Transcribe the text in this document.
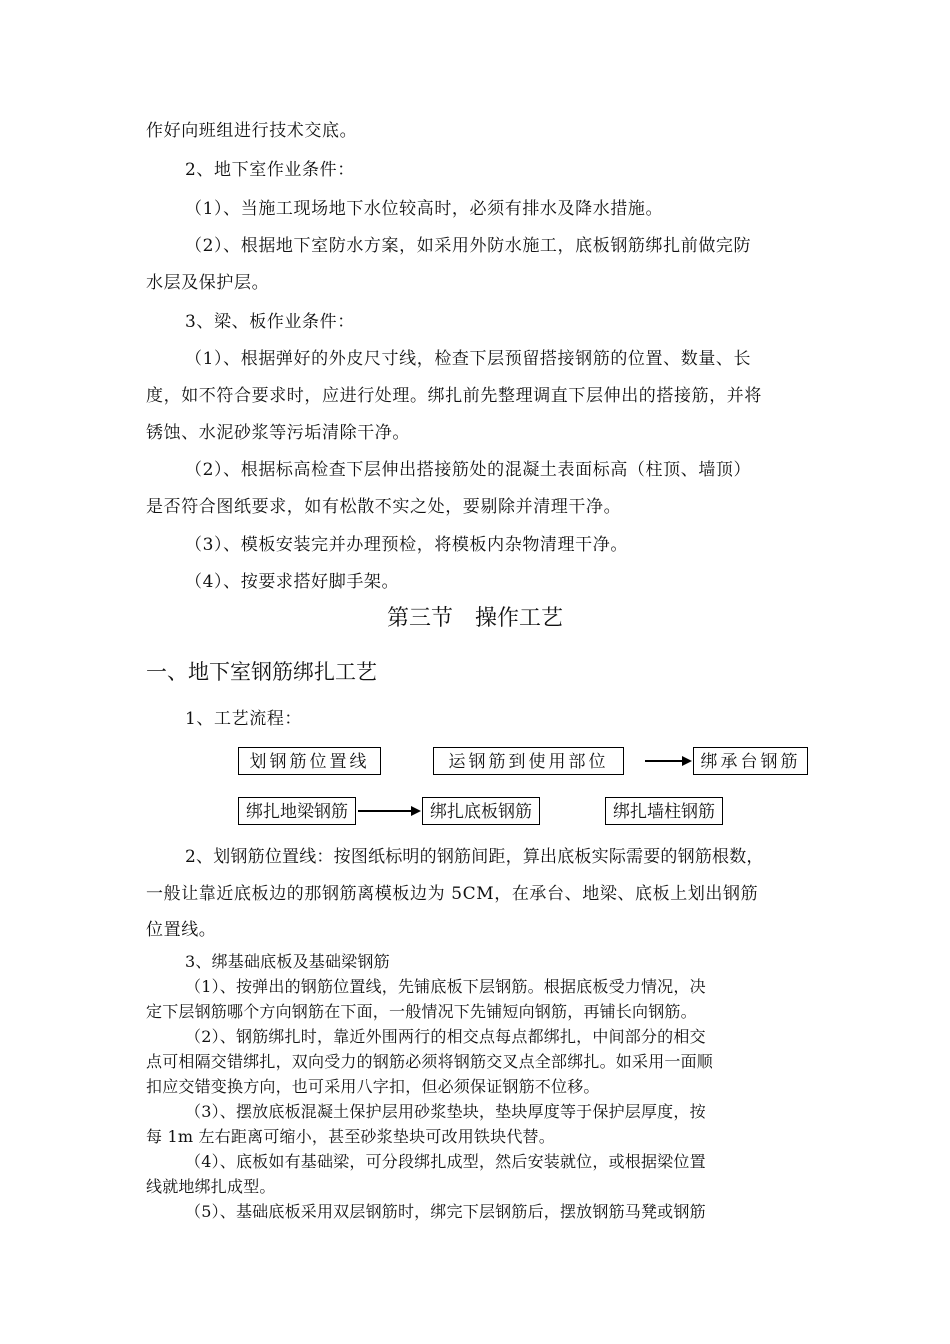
作好向班组进行技术交底。
2、地下室作业条件：
（1）、当施工现场地下水位较高时，必须有排水及降水措施。
（2）、根据地下室防水方案，如采用外防水施工，底板钢筋绑扎前做完防
水层及保护层。
3、梁、板作业条件：
（1）、根据弹好的外皮尺寸线，检查下层预留搭接钢筋的位置、数量、长
度，如不符合要求时，应进行处理。绑扎前先整理调直下层伸出的搭接筋，并将
锈蚀、水泥砂浆等污垢清除干净。
（2）、根据标高检查下层伸出搭接筋处的混凝土表面标高（柱顶、墙顶）
是否符合图纸要求，如有松散不实之处，要剔除并清理干净。
（3）、模板安装完并办理预检，将模板内杂物清理干净。
（4）、按要求搭好脚手架。
第三节　操作工艺
一、地下室钢筋绑扎工艺
1、工艺流程：
划钢筋位置线	运钢筋到使用部位	绑承台钢筋
绑扎地梁钢筋	绑扎底板钢筋	绑扎墙柱钢筋
2、划钢筋位置线：按图纸标明的钢筋间距，算出底板实际需要的钢筋根数，
一般让靠近底板边的那钢筋离模板边为 5CM，在承台、地梁、底板上划出钢筋
位置线。
3、绑基础底板及基础梁钢筋
（1）、按弹出的钢筋位置线，先铺底板下层钢筋。根据底板受力情况，决
定下层钢筋哪个方向钢筋在下面，一般情况下先铺短向钢筋，再铺长向钢筋。
（2）、钢筋绑扎时，靠近外围两行的相交点每点都绑扎，中间部分的相交
点可相隔交错绑扎，双向受力的钢筋必须将钢筋交叉点全部绑扎。如采用一面顺
扣应交错变换方向，也可采用八字扣，但必须保证钢筋不位移。
（3）、摆放底板混凝土保护层用砂浆垫块，垫块厚度等于保护层厚度，按
每 1m 左右距离可缩小，甚至砂浆垫块可改用铁块代替。
（4）、底板如有基础梁，可分段绑扎成型，然后安装就位，或根据梁位置
线就地绑扎成型。
（5）、基础底板采用双层钢筋时，绑完下层钢筋后，摆放钢筋马凳或钢筋
